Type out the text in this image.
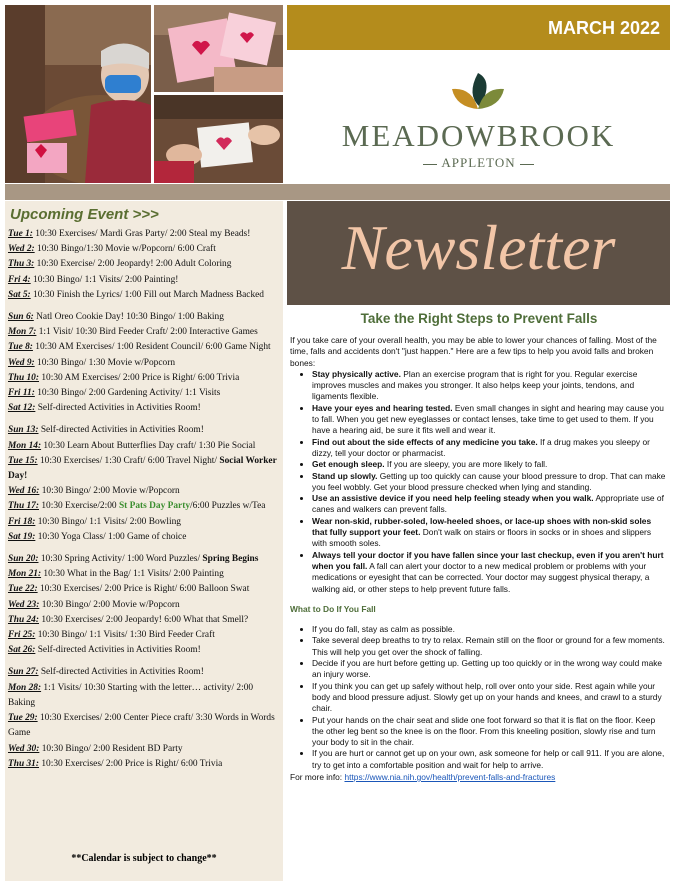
MARCH 2022
MEADOWBROOK
APPLETON
Upcoming Event >>>
Tue 1: 10:30 Exercises/ Mardi Gras Party/ 2:00 Steal my Beads!
Wed 2: 10:30 Bingo/1:30 Movie w/Popcorn/ 6:00 Craft
Thu 3: 10:30 Exercise/ 2:00 Jeopardy! 2:00 Adult Coloring
Fri 4: 10:30 Bingo/ 1:1 Visits/ 2:00 Painting!
Sat 5: 10:30 Finish the Lyrics/ 1:00 Fill out March Madness Backed
Sun 6: Natl Oreo Cookie Day! 10:30 Bingo/ 1:00 Baking
Mon 7: 1:1 Visit/ 10:30 Bird Feeder Craft/ 2:00 Interactive Games
Tue 8: 10:30 AM Exercises/ 1:00 Resident Council/ 6:00 Game Night
Wed 9: 10:30 Bingo/ 1:30 Movie w/Popcorn
Thu 10: 10:30 AM Exercises/ 2:00 Price is Right/ 6:00 Trivia
Fri 11: 10:30 Bingo/ 2:00 Gardening Activity/ 1:1 Visits
Sat 12: Self-directed Activities in Activities Room!
Sun 13: Self-directed Activities in Activities Room!
Mon 14: 10:30 Learn About Butterflies Day craft/ 1:30 Pie Social
Tue 15: 10:30 Exercises/ 1:30 Craft/ 6:00 Travel Night/ Social Worker Day!
Wed 16: 10:30 Bingo/ 2:00 Movie w/Popcorn
Thu 17: 10:30 Exercise/2:00 St Pats Day Party/6:00 Puzzles w/Tea
Fri 18: 10:30 Bingo/ 1:1 Visits/ 2:00 Bowling
Sat 19: 10:30 Yoga Class/ 1:00 Game of choice
Sun 20: 10:30 Spring Activity/ 1:00 Word Puzzles/ Spring Begins
Mon 21: 10:30 What in the Bag/ 1:1 Visits/ 2:00 Painting
Tue 22: 10:30 Exercises/ 2:00 Price is Right/ 6:00 Balloon Swat
Wed 23: 10:30 Bingo/ 2:00 Movie w/Popcorn
Thu 24: 10:30 Exercises/ 2:00 Jeopardy! 6:00 What that Smell?
Fri 25: 10:30 Bingo/ 1:1 Visits/ 1:30 Bird Feeder Craft
Sat 26: Self-directed Activities in Activities Room!
Sun 27: Self-directed Activities in Activities Room!
Mon 28: 1:1 Visits/ 10:30 Starting with the letter… activity/ 2:00 Baking
Tue 29: 10:30 Exercises/ 2:00 Center Piece craft/ 3:30 Words in Words Game
Wed 30: 10:30 Bingo/ 2:00 Resident BD Party
Thu 31: 10:30 Exercises/ 2:00 Price is Right/ 6:00 Trivia
**Calendar is subject to change**
Newsletter
Take the Right Steps to Prevent Falls
If you take care of your overall health, you may be able to lower your chances of falling. Most of the time, falls and accidents don't "just happen." Here are a few tips to help you avoid falls and broken bones:
• Stay physically active. Plan an exercise program that is right for you. Regular exercise improves muscles and makes you stronger. It also helps keep your joints, tendons, and ligaments flexible.
• Have your eyes and hearing tested. Even small changes in sight and hearing may cause you to fall. When you get new eyeglasses or contact lenses, take time to get used to them. If you have a hearing aid, be sure it fits well and wear it.
• Find out about the side effects of any medicine you take. If a drug makes you sleepy or dizzy, tell your doctor or pharmacist.
• Get enough sleep. If you are sleepy, you are more likely to fall.
• Stand up slowly. Getting up too quickly can cause your blood pressure to drop. That can make you feel wobbly. Get your blood pressure checked when lying and standing.
• Use an assistive device if you need help feeling steady when you walk. Appropriate use of canes and walkers can prevent falls.
• Wear non-skid, rubber-soled, low-heeled shoes, or lace-up shoes with non-skid soles that fully support your feet. Don't walk on stairs or floors in socks or in shoes and slippers with smooth soles.
• Always tell your doctor if you have fallen since your last checkup, even if you aren't hurt when you fall. A fall can alert your doctor to a new medical problem or problems with your medications or eyesight that can be corrected. Your doctor may suggest physical therapy, a walking aid, or other steps to help prevent future falls.
What to Do If You Fall
• If you do fall, stay as calm as possible.
• Take several deep breaths to try to relax. Remain still on the floor or ground for a few moments. This will help you get over the shock of falling.
• Decide if you are hurt before getting up. Getting up too quickly or in the wrong way could make an injury worse.
• If you think you can get up safely without help, roll over onto your side. Rest again while your body and blood pressure adjust. Slowly get up on your hands and knees, and crawl to a sturdy chair.
• Put your hands on the chair seat and slide one foot forward so that it is flat on the floor. Keep the other leg bent so the knee is on the floor. From this kneeling position, slowly rise and turn your body to sit in the chair.
• If you are hurt or cannot get up on your own, ask someone for help or call 911. If you are alone, try to get into a comfortable position and wait for help to arrive.
For more info: https://www.nia.nih.gov/health/prevent-falls-and-fractures
